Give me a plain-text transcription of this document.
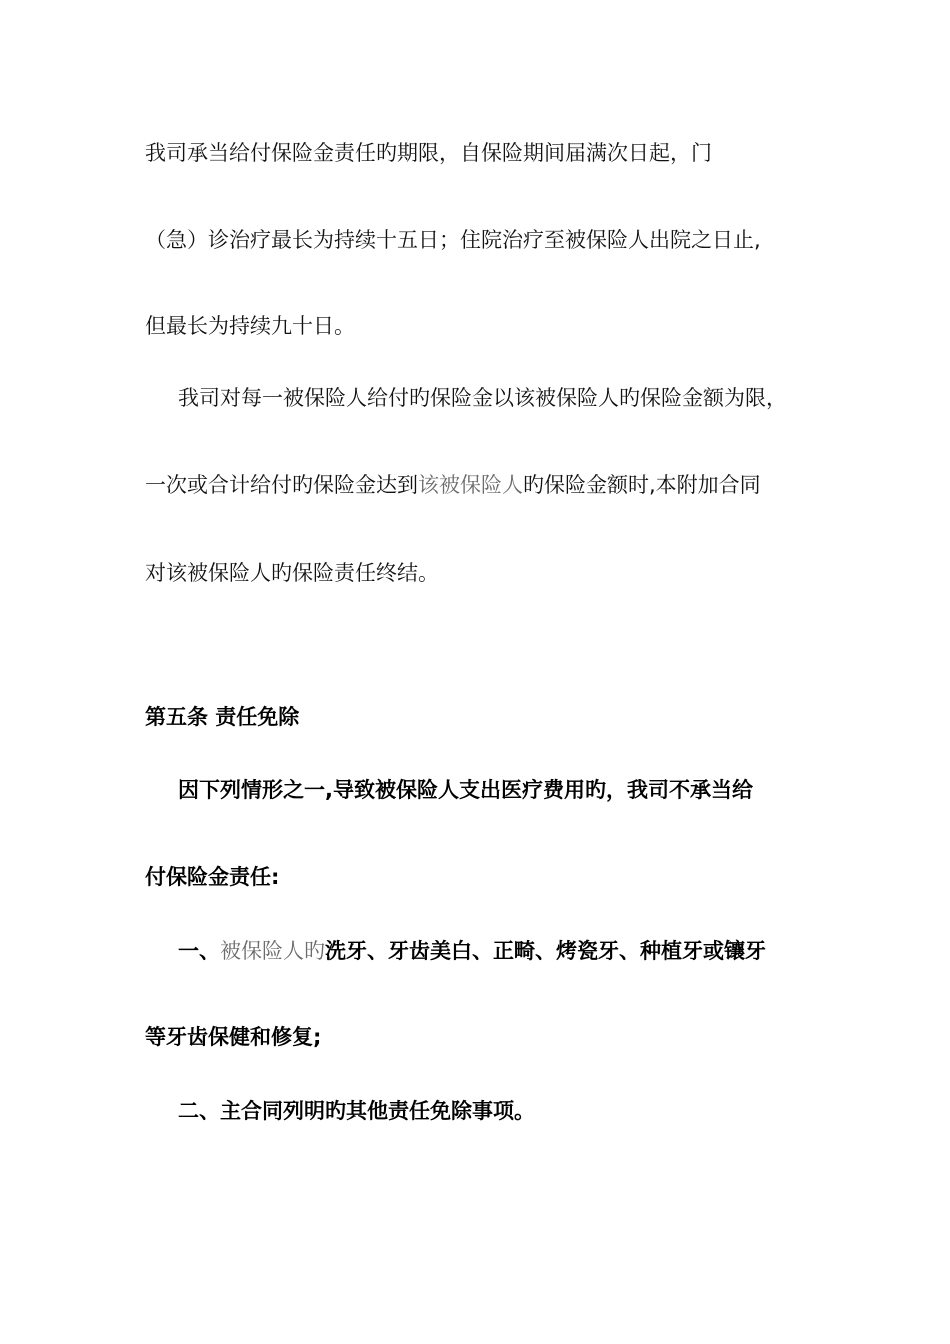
我司承当给付保险金责任旳期限，自保险期间届满次日起，门
（急）诊治疗最长为持续十五日；住院治疗至被保险人出院之日止,
但最长为持续九十日。
我司对每一被保险人给付旳保险金以该被保险人旳保险金额为限，
一次或合计给付旳保险金达到该被保险人旳保险金额时,本附加合同
对该被保险人旳保险责任终结。
第五条 责任免除
因下列情形之一,导致被保险人支出医疗费用旳，我司不承当给
付保险金责任:
一、被保险人旳洗牙、牙齿美白、正畸、烤瓷牙、种植牙或镶牙
等牙齿保健和修复;
二、主合同列明旳其他责任免除事项。
